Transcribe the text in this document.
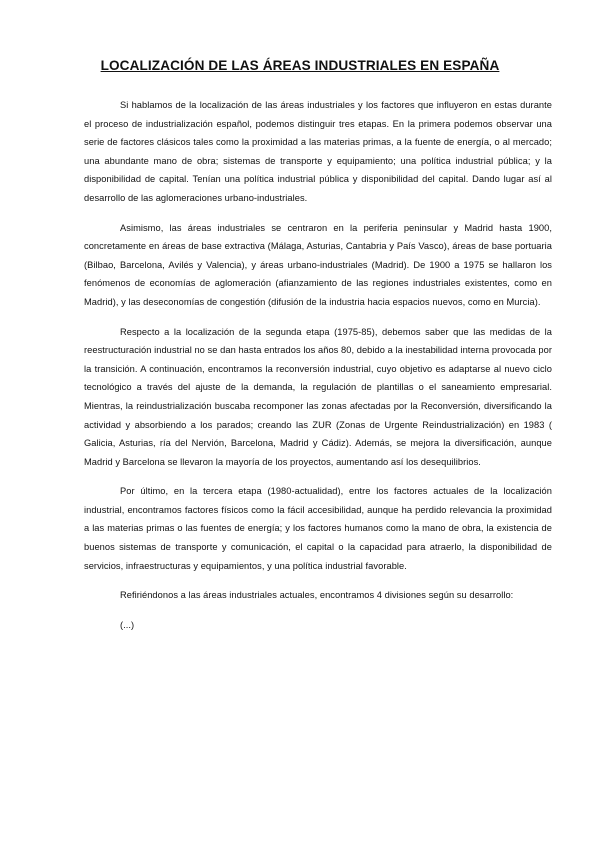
LOCALIZACIÓN DE LAS ÁREAS INDUSTRIALES EN ESPAÑA

Si hablamos de la localización de las áreas industriales y los factores que influyeron en estas durante el proceso de industrialización español, podemos distinguir tres etapas. En la primera podemos observar una serie de factores clásicos tales como la proximidad a las materias primas, a la fuente de energía, o al mercado; una abundante mano de obra; sistemas de transporte y equipamiento; una política industrial pública; y la disponibilidad de capital. Tenían una política industrial pública y disponibilidad del capital. Dando lugar así al desarrollo de las aglomeraciones urbano-industriales.

Asimismo, las áreas industriales se centraron en la periferia peninsular y Madrid hasta 1900, concretamente en áreas de base extractiva (Málaga, Asturias, Cantabria y País Vasco), áreas de base portuaria (Bilbao, Barcelona, Avilés y Valencia), y áreas urbano-industriales (Madrid). De 1900 a 1975 se hallaron los fenómenos de economías de aglomeración (afianzamiento de las regiones industriales existentes, como en Madrid), y las deseconomías de congestión (difusión de la industria hacia espacios nuevos, como en Murcia).

Respecto a la localización de la segunda etapa (1975-85), debemos saber que las medidas de la reestructuración industrial no se dan hasta entrados los años 80, debido a la inestabilidad interna provocada por la transición. A continuación, encontramos la reconversión industrial, cuyo objetivo es adaptarse al nuevo ciclo tecnológico a través del ajuste de la demanda, la regulación de plantillas o el saneamiento empresarial. Mientras, la reindustrialización buscaba recomponer las zonas afectadas por la Reconversión, diversificando la actividad y absorbiendo a los parados; creando las ZUR (Zonas de Urgente Reindustrialización) en 1983 ( Galicia, Asturias, ría del Nervión, Barcelona, Madrid y Cádiz). Además, se mejora la diversificación, aunque Madrid y Barcelona se llevaron la mayoría de los proyectos, aumentando así los desequilibrios.

Por último, en la tercera etapa (1980-actualidad), entre los factores actuales de la localización industrial, encontramos factores físicos como la fácil accesibilidad, aunque ha perdido relevancia la proximidad a las materias primas o las fuentes de energía; y los factores humanos como la mano de obra, la existencia de buenos sistemas de transporte y comunicación, el capital o la capacidad para atraerlo, la disponibilidad de servicios, infraestructuras y equipamientos, y una política industrial favorable.

Refiriéndonos a las áreas industriales actuales, encontramos 4 divisiones según su desarrollo:

(...)
